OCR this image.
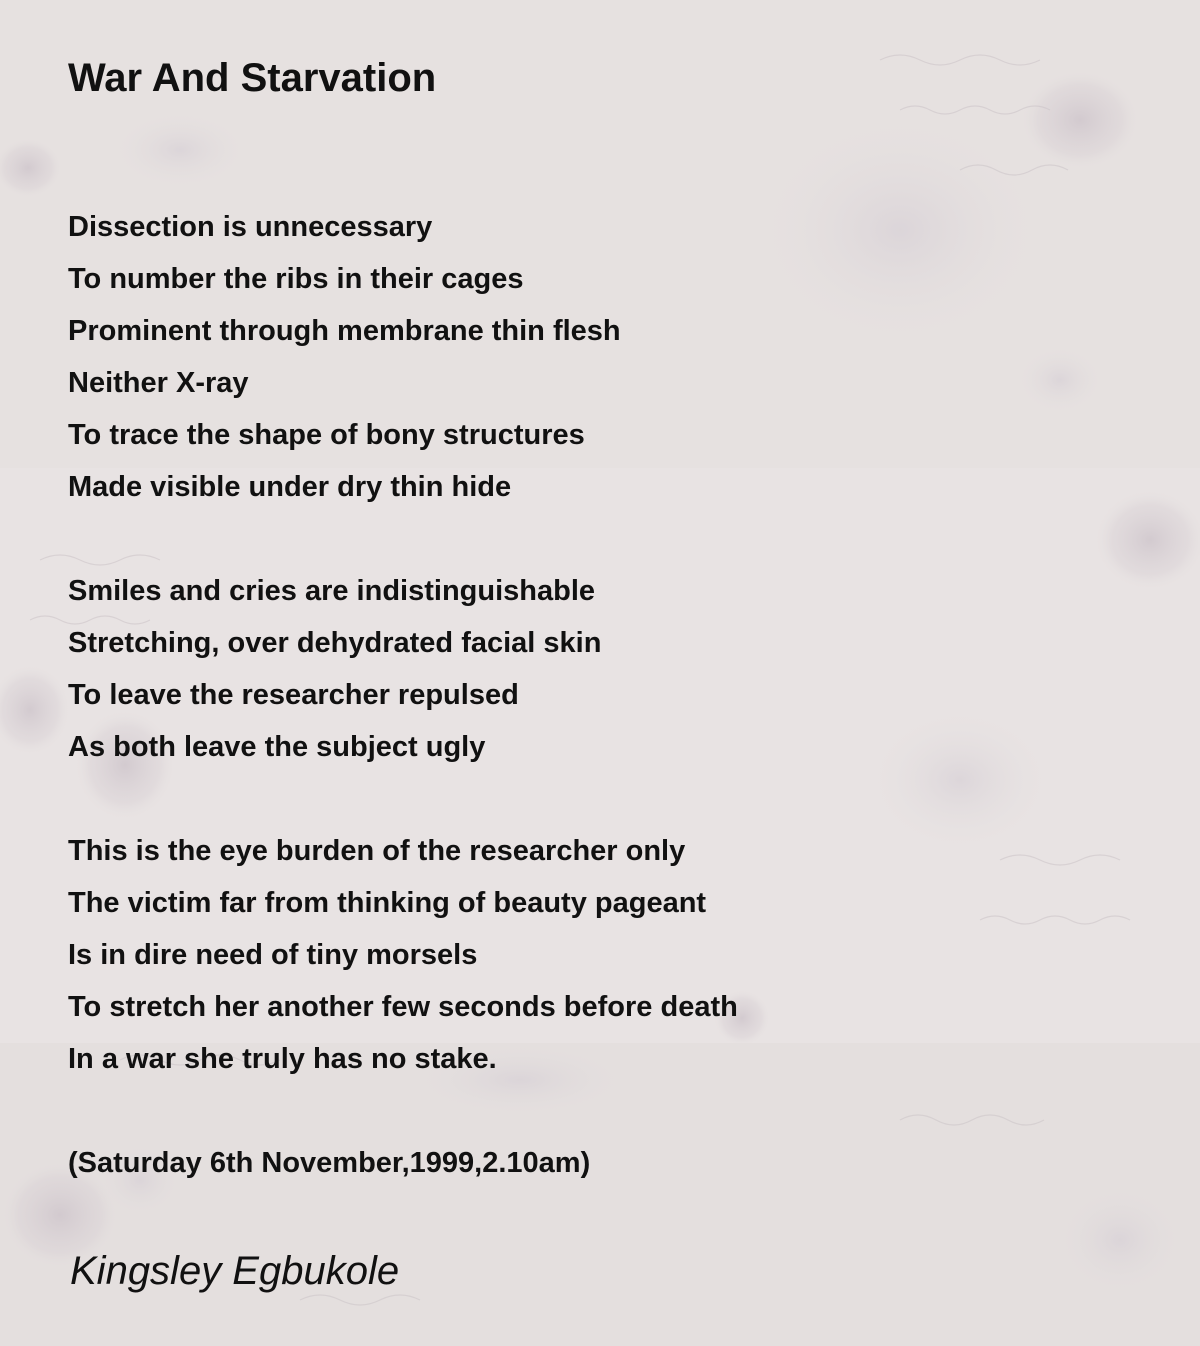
War And Starvation
Dissection is unnecessary
To number the ribs in their cages
Prominent through membrane thin flesh
Neither X-ray
To trace the shape of bony structures
Made visible under dry thin hide
Smiles and cries are indistinguishable
Stretching, over dehydrated facial skin
To leave the researcher repulsed
As both leave the subject ugly
This is the eye burden of the researcher only
The victim far from thinking of beauty pageant
Is in dire need of tiny morsels
To stretch her another few seconds before death
In a war she truly has no stake.
(Saturday 6th November,1999,2.10am)
Kingsley Egbukole
